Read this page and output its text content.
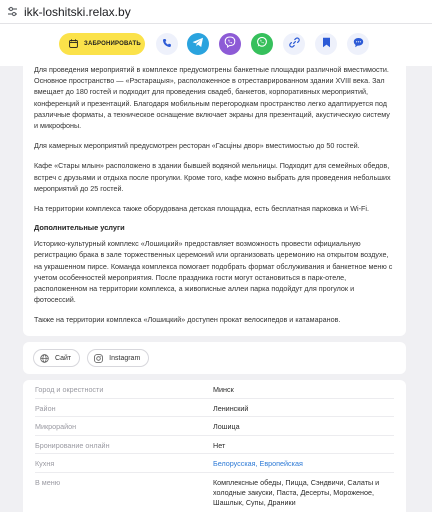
ikk-loshitski.relax.by
ЗАБРОНИРОВАТЬ

Для проведения мероприятий в комплексе предусмотрены банкетные площадки различной вместимости. Основное пространство — «Рэстарацыя», расположенное в отреставрированном здании XVIII века. Зал вмещает до 180 гостей и подходит для проведения свадеб, банкетов, корпоративных мероприятий, конференций и презентаций. Благодаря мобильным перегородкам пространство легко адаптируется под различные форматы, а техническое оснащение включает экраны для презентаций, акустическую систему и микрофоны.

Для камерных мероприятий предусмотрен ресторан «Гасціны двор» вместимостью до 50 гостей.

Кафе «Стары млын» расположено в здании бывшей водяной мельницы. Подходит для семейных обедов, встреч с друзьями и отдыха после прогулки. Кроме того, кафе можно выбрать для проведения небольших мероприятий до 25 гостей.

На территории комплекса также оборудована детская площадка, есть бесплатная парковка и Wi-Fi.

Дополнительные услуги

Историко-культурный комплекс «Лошицкий» предоставляет возможность провести официальную регистрацию брака в зале торжественных церемоний или организовать церемонию на открытом воздухе, на украшенном пирсе. Команда комплекса помогает подобрать формат обслуживания и банкетное меню с учетом особенностей мероприятия. После праздника гости могут остановиться в парк-отеле, расположенном на территории комплекса, а живописные аллеи парка подойдут для прогулок и фотосессий.

Также на территории комплекса «Лошицкий» доступен прокат велосипедов и катамаранов.

Сайт	Instagram
Город и окрестности	Минск
Район	Ленинский
Микрорайон	Лошица
Бронирование онлайн	Нет
Кухня	Белорусская, Европейская
В меню	Комплексные обеды, Пицца, Сэндвичи, Салаты и холодные закуски, Паста, Десерты, Мороженое, Шашлык, Супы, Драники
